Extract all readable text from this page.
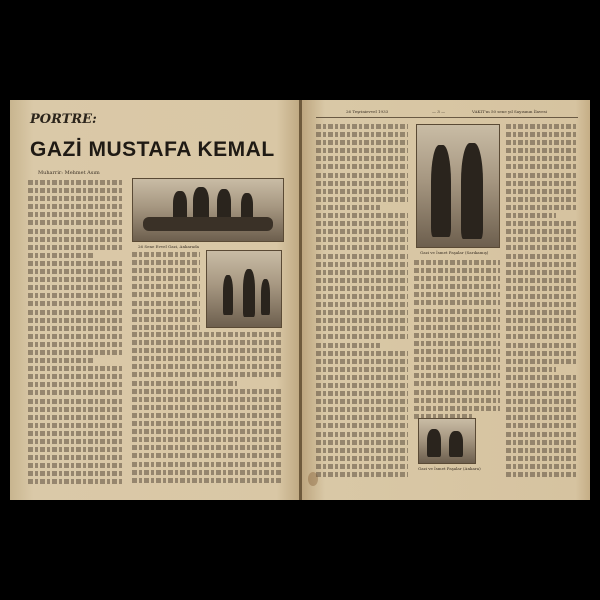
PORTRE:
GAZİ MUSTAFA KEMAL
Muharrir: Mehmet Asım
26 Sene Evvel Gazi, Ankarada
26 Teşrinievvel 1933	— 3 —	VAKIT'ın 50 sene yıl Sayısının İlavesi
Gazi ve İsmet Paşalar (Sarıkamış)
Gazi ve İsmet Paşalar (Ankara)
